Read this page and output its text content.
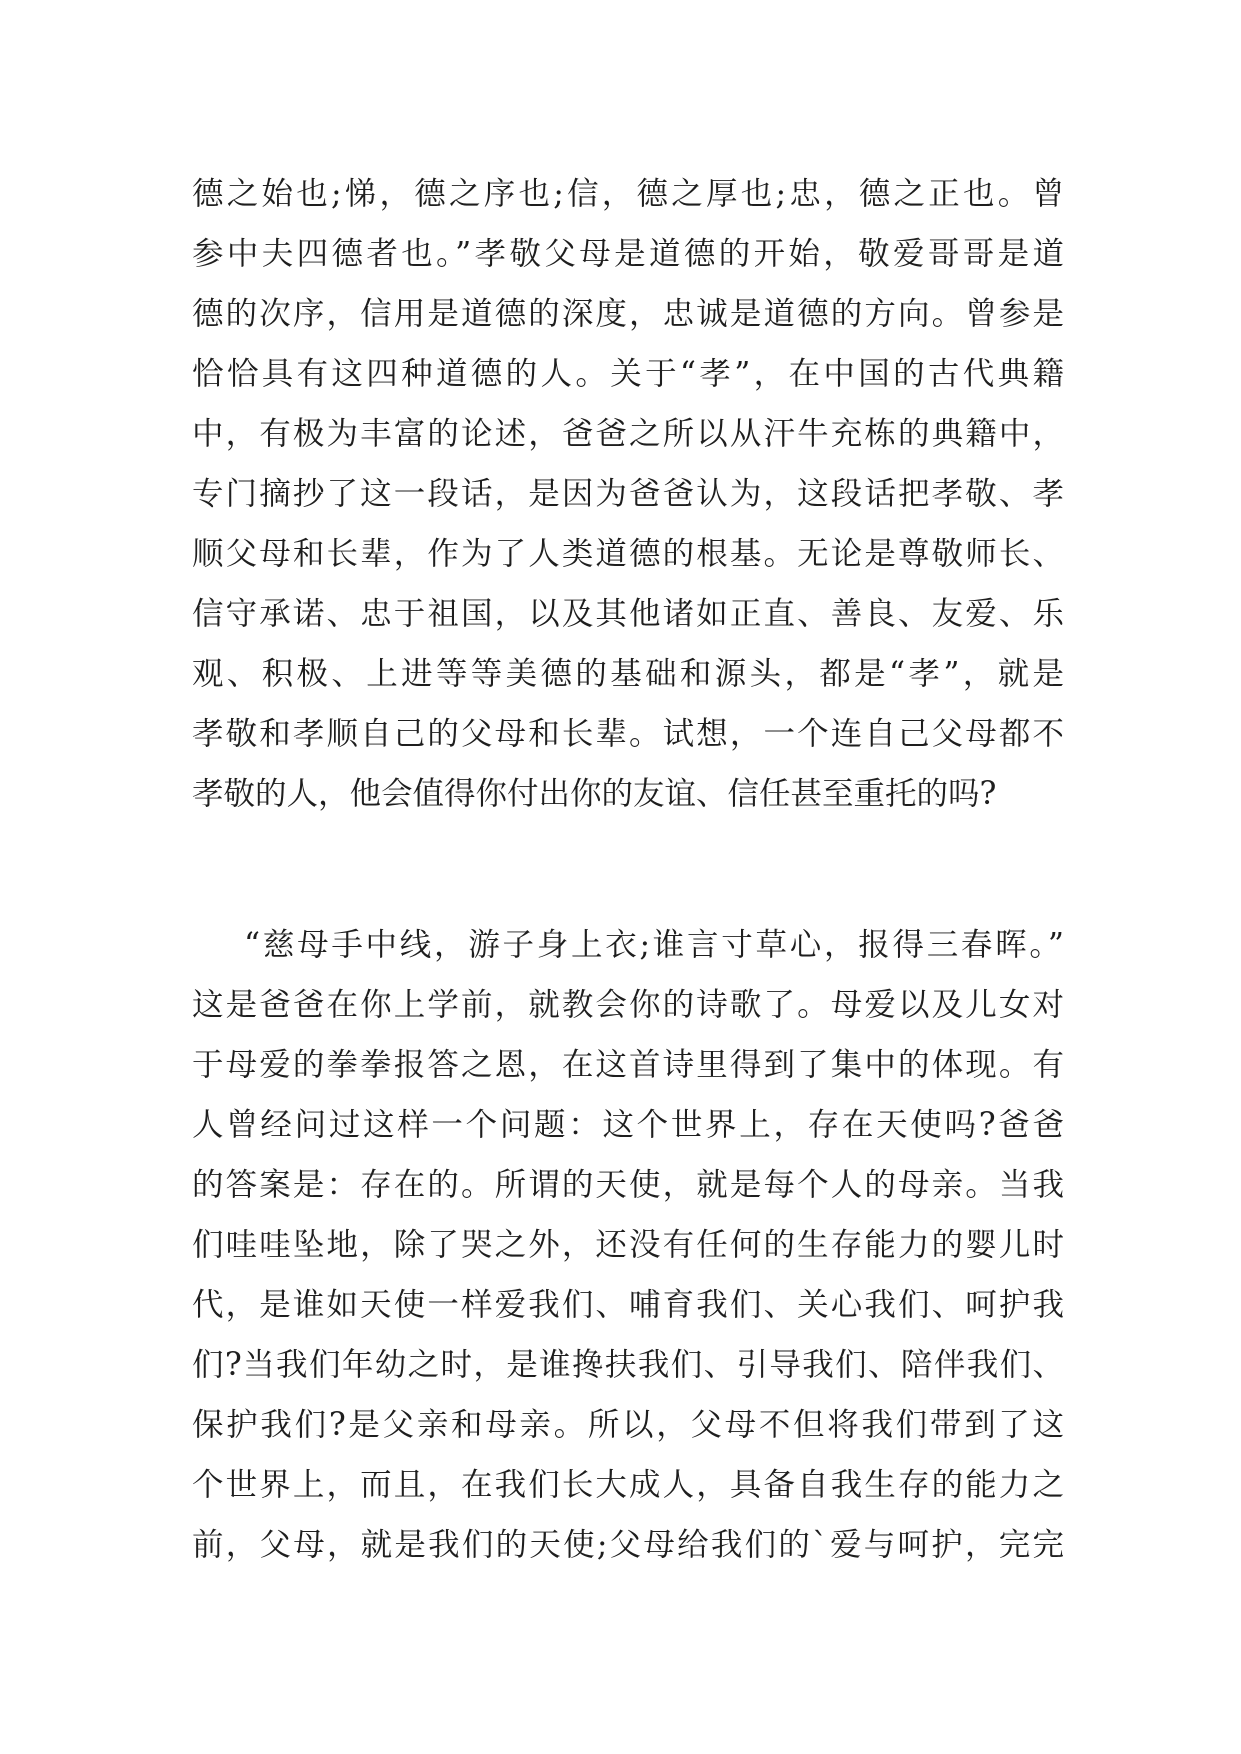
德之始也;悌，德之序也;信，德之厚也;忠，德之正也。曾
参中夫四德者也。”孝敬父母是道德的开始，敬爱哥哥是道
德的次序，信用是道德的深度，忠诚是道德的方向。曾参是
恰恰具有这四种道德的人。关于“孝”，在中国的古代典籍
中，有极为丰富的论述，爸爸之所以从汗牛充栋的典籍中，
专门摘抄了这一段话，是因为爸爸认为，这段话把孝敬、孝
顺父母和长辈，作为了人类道德的根基。无论是尊敬师长、
信守承诺、忠于祖国，以及其他诸如正直、善良、友爱、乐
观、积极、上进等等美德的基础和源头，都是“孝”，就是
孝敬和孝顺自己的父母和长辈。试想，一个连自己父母都不
孝敬的人，他会值得你付出你的友谊、信任甚至重托的吗?
“慈母手中线，游子身上衣;谁言寸草心，报得三春晖。”
这是爸爸在你上学前，就教会你的诗歌了。母爱以及儿女对
于母爱的拳拳报答之恩，在这首诗里得到了集中的体现。有
人曾经问过这样一个问题：这个世界上，存在天使吗?爸爸
的答案是：存在的。所谓的天使，就是每个人的母亲。当我
们哇哇坠地，除了哭之外，还没有任何的生存能力的婴儿时
代，是谁如天使一样爱我们、哺育我们、关心我们、呵护我
们?当我们年幼之时，是谁搀扶我们、引导我们、陪伴我们、
保护我们?是父亲和母亲。所以，父母不但将我们带到了这
个世界上，而且，在我们长大成人，具备自我生存的能力之
前，父母，就是我们的天使;父母给我们的`爱与呵护，完完
